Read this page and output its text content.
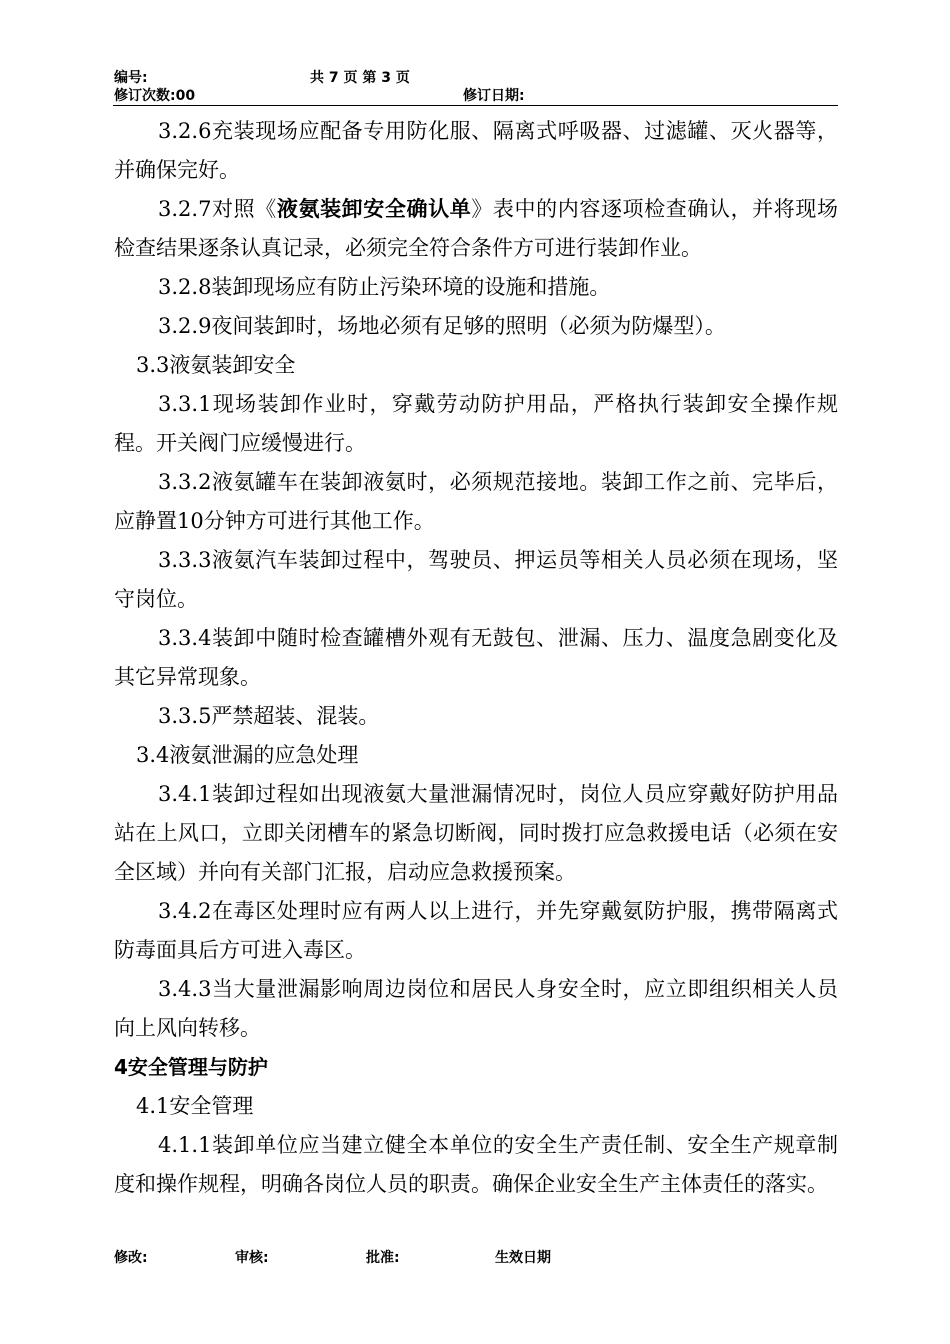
编号:	共 7 页 第 3 页
修订次数:00	修订日期:

3.2.6充装现场应配备专用防化服、隔离式呼吸器、过滤罐、灭火器等，并确保完好。

3.2.7对照《液氨装卸安全确认单》表中的内容逐项检查确认，并将现场检查结果逐条认真记录，必须完全符合条件方可进行装卸作业。

3.2.8装卸现场应有防止污染环境的设施和措施。

3.2.9夜间装卸时，场地必须有足够的照明（必须为防爆型）。

3.3液氨装卸安全

3.3.1现场装卸作业时，穿戴劳动防护用品，严格执行装卸安全操作规程。开关阀门应缓慢进行。

3.3.2液氨罐车在装卸液氨时，必须规范接地。装卸工作之前、完毕后，应静置10分钟方可进行其他工作。

3.3.3液氨汽车装卸过程中，驾驶员、押运员等相关人员必须在现场，坚守岗位。

3.3.4装卸中随时检查罐槽外观有无鼓包、泄漏、压力、温度急剧变化及其它异常现象。

3.3.5严禁超装、混装。

3.4液氨泄漏的应急处理

3.4.1装卸过程如出现液氨大量泄漏情况时，岗位人员应穿戴好防护用品站在上风口，立即关闭槽车的紧急切断阀，同时拨打应急救援电话（必须在安全区域）并向有关部门汇报，启动应急救援预案。

3.4.2在毒区处理时应有两人以上进行，并先穿戴氨防护服，携带隔离式防毒面具后方可进入毒区。

3.4.3当大量泄漏影响周边岗位和居民人身安全时，应立即组织相关人员向上风向转移。

4安全管理与防护

4.1安全管理

4.1.1装卸单位应当建立健全本单位的安全生产责任制、安全生产规章制度和操作规程，明确各岗位人员的职责。确保企业安全生产主体责任的落实。

修改:	审核:	批准:	生效日期
